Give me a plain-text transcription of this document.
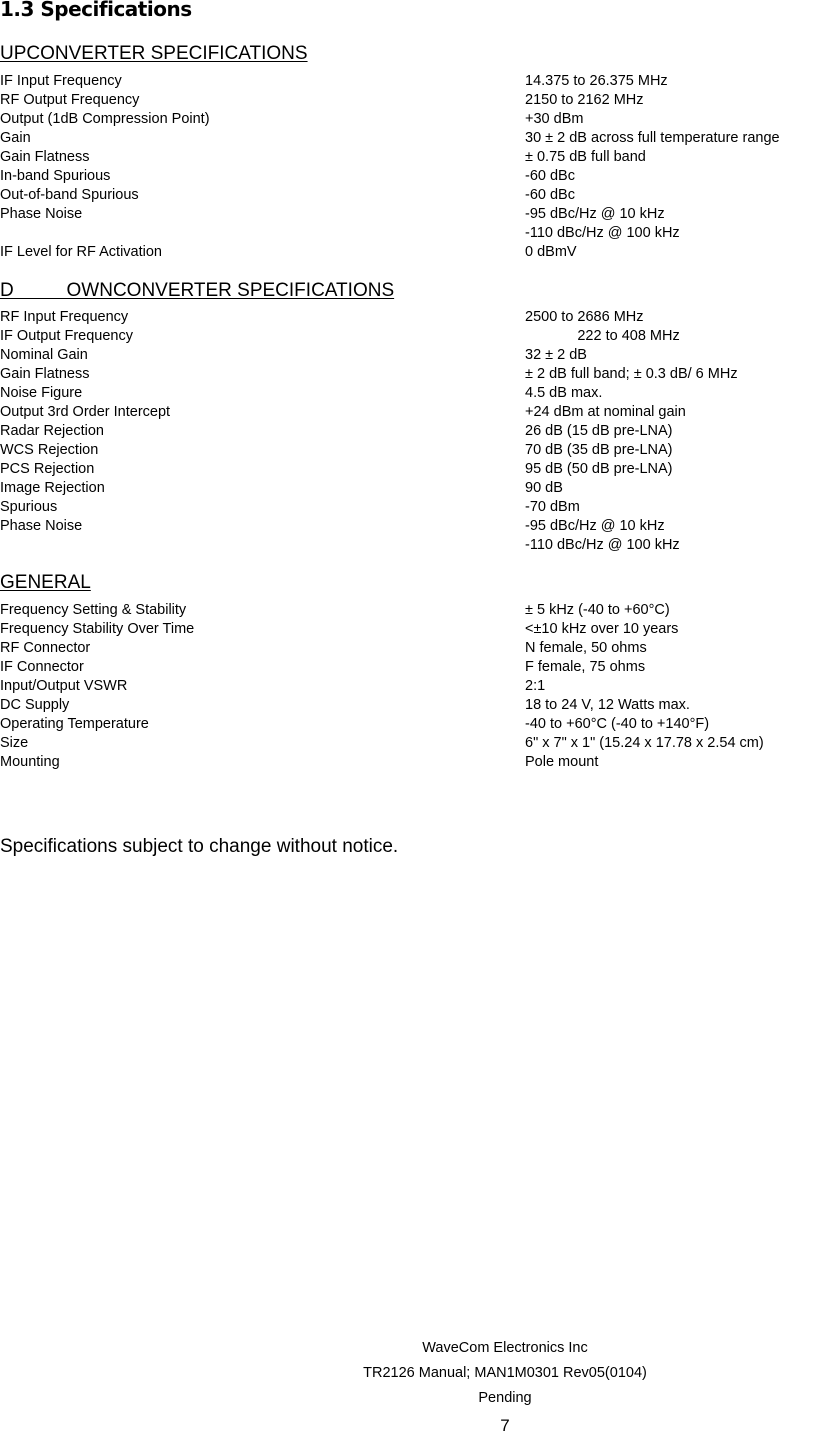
1.3 Specifications
UPCONVERTER SPECIFICATIONS
IF Input Frequency	14.375 to 26.375 MHz
RF Output Frequency	2150 to 2162 MHz
Output (1dB Compression Point)	+30 dBm
Gain	30 ± 2 dB across full temperature range
Gain Flatness	± 0.75 dB full band
In-band Spurious	-60 dBc
Out-of-band Spurious	-60 dBc
Phase Noise	-95 dBc/Hz @ 10 kHz
-110 dBc/Hz @ 100 kHz
IF Level for RF Activation	0 dBmV
D          OWNCONVERTER SPECIFICATIONS
RF Input Frequency	2500 to 2686 MHz
IF Output Frequency	222 to 408 MHz
Nominal Gain	32 ± 2 dB
Gain Flatness	± 2 dB full band; ± 0.3 dB/ 6 MHz
Noise Figure	4.5 dB max.
Output 3rd Order Intercept	+24 dBm at nominal gain
Radar Rejection	26 dB (15 dB pre-LNA)
WCS Rejection	70 dB (35 dB pre-LNA)
PCS Rejection	95 dB (50 dB pre-LNA)
Image Rejection	90 dB
Spurious	-70 dBm
Phase Noise	-95 dBc/Hz @ 10 kHz
-110 dBc/Hz @ 100 kHz
GENERAL
Frequency Setting & Stability	± 5 kHz (-40 to +60°C)
Frequency Stability Over Time	<±10 kHz over 10 years
RF Connector	N female, 50 ohms
IF Connector	F female, 75 ohms
Input/Output VSWR	2:1
DC Supply	18 to 24 V, 12 Watts max.
Operating Temperature	-40 to +60°C (-40 to +140°F)
Size	6" x 7" x 1" (15.24 x 17.78 x 2.54 cm)
Mounting	Pole mount
Specifications subject to change without notice.
WaveCom Electronics Inc
TR2126 Manual; MAN1M0301 Rev05(0104)
Pending
7
